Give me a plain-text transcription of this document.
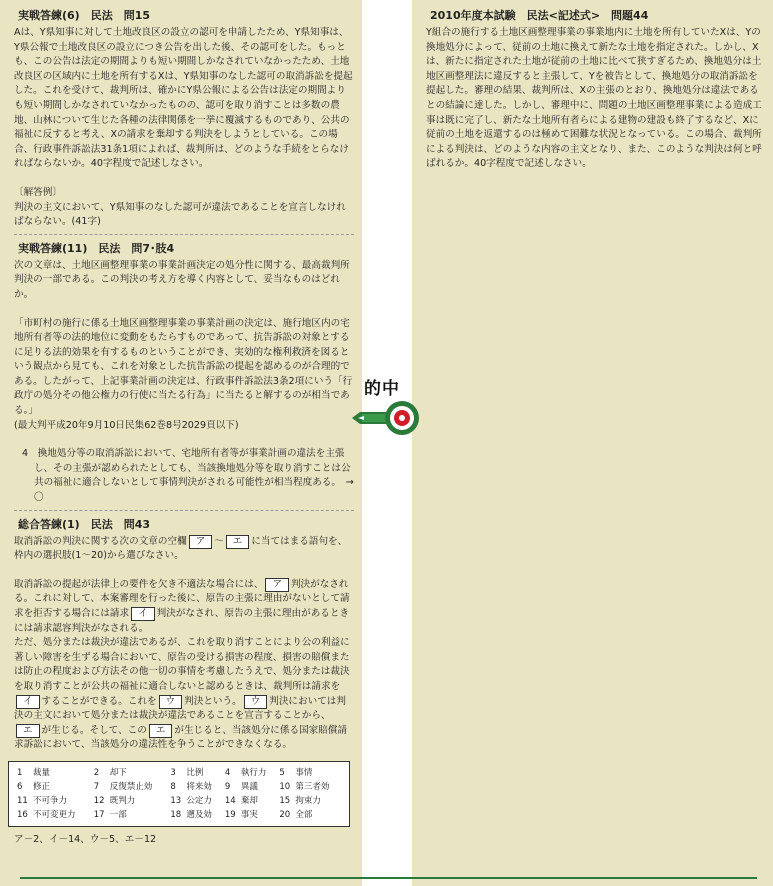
実戦答練(6)　民法　問15

Aは、Y県知事に対して土地改良区の設立の認可を申請したため、Y県知事は、Y県公報で土地改良区の設立につき公告を出した後、その認可をした。もっとも、この公告は法定の期間よりも短い期間しかなされていなかったため、土地改良区の区域内に土地を所有するXは、Y県知事のなした認可の取消訴訟を提起した。これを受けて、裁判所は、確かにY県公報による公告は法定の期間よりも短い期間しかなされていなかったものの、認可を取り消すことは多数の農地、山林について生じた各種の法律関係を一挙に覆滅するものであり、公共の福祉に反すると考え、Xの請求を棄却する判決をしようとしている。この場合、行政事件訴訟法31条1項によれば、裁判所は、どのような手続をとらなければならないか。40字程度で記述しなさい。

〔解答例〕

判決の主文において、Y県知事のなした認可が違法であることを宣言しなければならない。(41字)

実戦答練(11)　民法　問7･肢4

次の文章は、土地区画整理事業の事業計画決定の処分性に関する、最高裁判所判決の一部である。この判決の考え方を導く内容として、妥当なものはどれか。

「市町村の施行に係る土地区画整理事業の事業計画の決定は、施行地区内の宅地所有者等の法的地位に変動をもたらすものであって、抗告訴訟の対象とするに足りる法的効果を有するものということができ、実効的な権利救済を図るという観点から見ても、これを対象とした抗告訴訟の提起を認めるのが合理的である。したがって、上記事業計画の決定は、行政事件訴訟法3条2項にいう「行政庁の処分その他公権力の行使に当たる行為」に当たると解するのが相当である。」

(最大判平成20年9月10日民集62巻8号2029頁以下)

4　換地処分等の取消訴訟において、宅地所有者等が事業計画の違法を主張し、その主張が認められたとしても、当該換地処分等を取り消すことは公共の福祉に適合しないとして事情判決がされる可能性が相当程度ある。　→　〇

総合答練(1)　民法　問43

取消訴訟の判決に関する次の文章の空欄 ア 〜 エ に当てはまる語句を、枠内の選択肢(1〜20)から選びなさい。

取消訴訟の提起が法律上の要件を欠き不適法な場合には、 ア 判決がなされる。これに対して、本案審理を行った後に、原告の主張に理由がないとして請求を拒否する場合には請求 イ 判決がなされ、原告の主張に理由があるときには請求認容判決がなされる。

ただ、処分または裁決が違法であるが、これを取り消すことにより公の利益に著しい障害を生ずる場合において、原告の受ける損害の程度、損害の賠償または防止の程度および方法その他一切の事情を考慮したうえで、処分または裁決を取り消すことが公共の福祉に適合しないと認めるときは、裁判所は請求をイ することができる。これを ウ 判決という。 ウ 判決においては判決の主文において処分または裁決が違法であることを宣言することから、エ が生じる。そして、この エ が生じると、当該処分に係る国家賠償請求訴訟において、当該処分の違法性を争うことができなくなる。

1	裁量	2	却下	3	比例	4	執行力	5	事情
6	修正	7	反復禁止効	8	将来効	9	異議	10	第三者効
11	不可争力	12	既判力	13	公定力	14	棄却	15	拘束力
16	不可変更力	17	一部	18	遡及効	19	事実	20	全部

ア－2、イ－14、ウ－5、エ－12

2010年度本試験　民法<記述式>　問題44

Y組合の施行する土地区画整理事業の事業地内に土地を所有していたXは、Yの換地処分によって、従前の土地に換えて新たな土地を指定された。しかし、Xは、新たに指定された土地が従前の土地に比べて狭すぎるため、換地処分は土地区画整理法に違反すると主張して、Yを被告として、換地処分の取消訴訟を提起した。審理の結果、裁判所は、Xの主張のとおり、換地処分は違法であるとの結論に達した。しかし、審理中に、問題の土地区画整理事業による造成工事は既に完了し、新たな土地所有者らによる建物の建設も終了するなど、Xに従前の土地を返還するのは極めて困難な状況となっている。この場合、裁判所による判決は、どのような内容の主文となり、また、このような判決は何と呼ばれるか。40字程度で記述しなさい。

的中
